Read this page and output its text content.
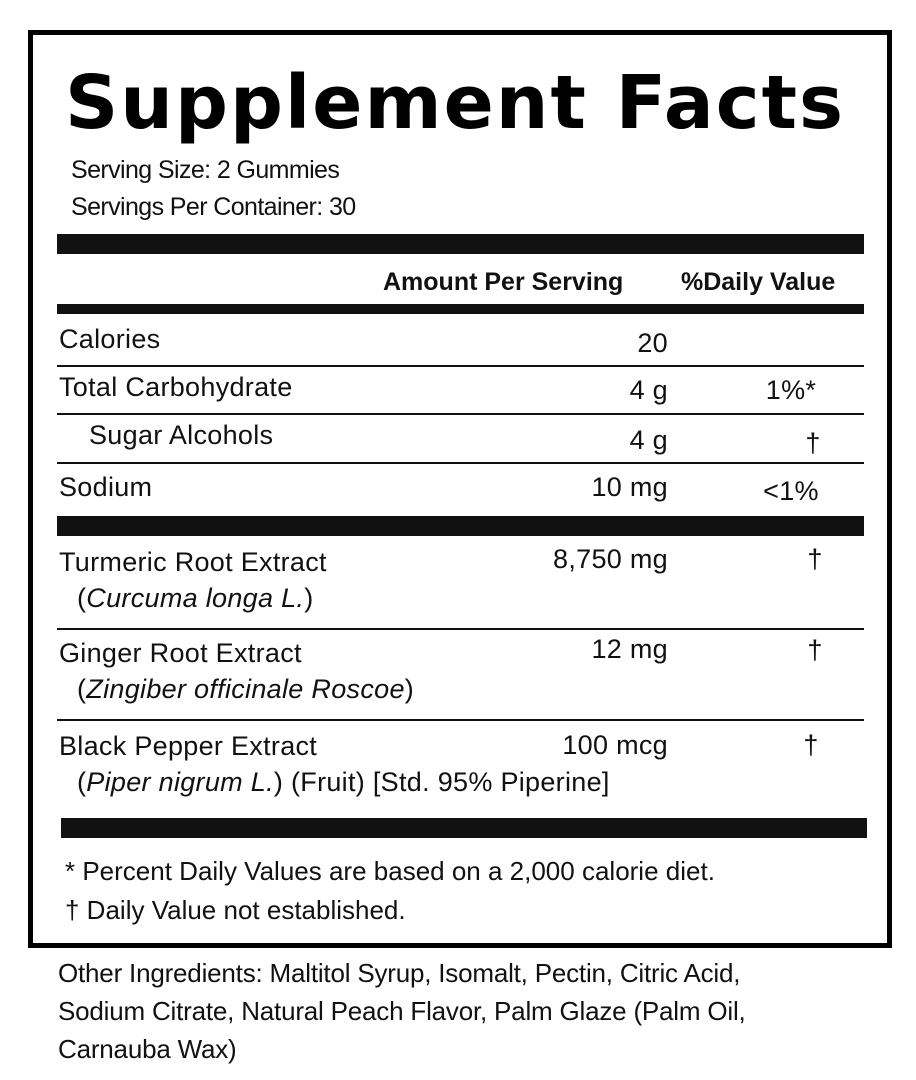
Supplement Facts
Serving Size: 2 Gummies
Servings Per Container: 30
Amount Per Serving %Daily Value
Calories	20
Total Carbohydrate	4 g	1%*
Sugar Alcohols	4 g	†
Sodium	10 mg	<1%
Turmeric Root Extract	8,750 mg	†
(Curcuma longa L.)
Ginger Root Extract	12 mg	†
(Zingiber officinale Roscoe)
Black Pepper Extract	100 mcg	†
(Piper nigrum L.) (Fruit) [Std. 95% Piperine]
* Percent Daily Values are based on a 2,000 calorie diet.
† Daily Value not established.
Other Ingredients: Maltitol Syrup, Isomalt, Pectin, Citric Acid,
Sodium Citrate, Natural Peach Flavor, Palm Glaze (Palm Oil,
Carnauba Wax)
